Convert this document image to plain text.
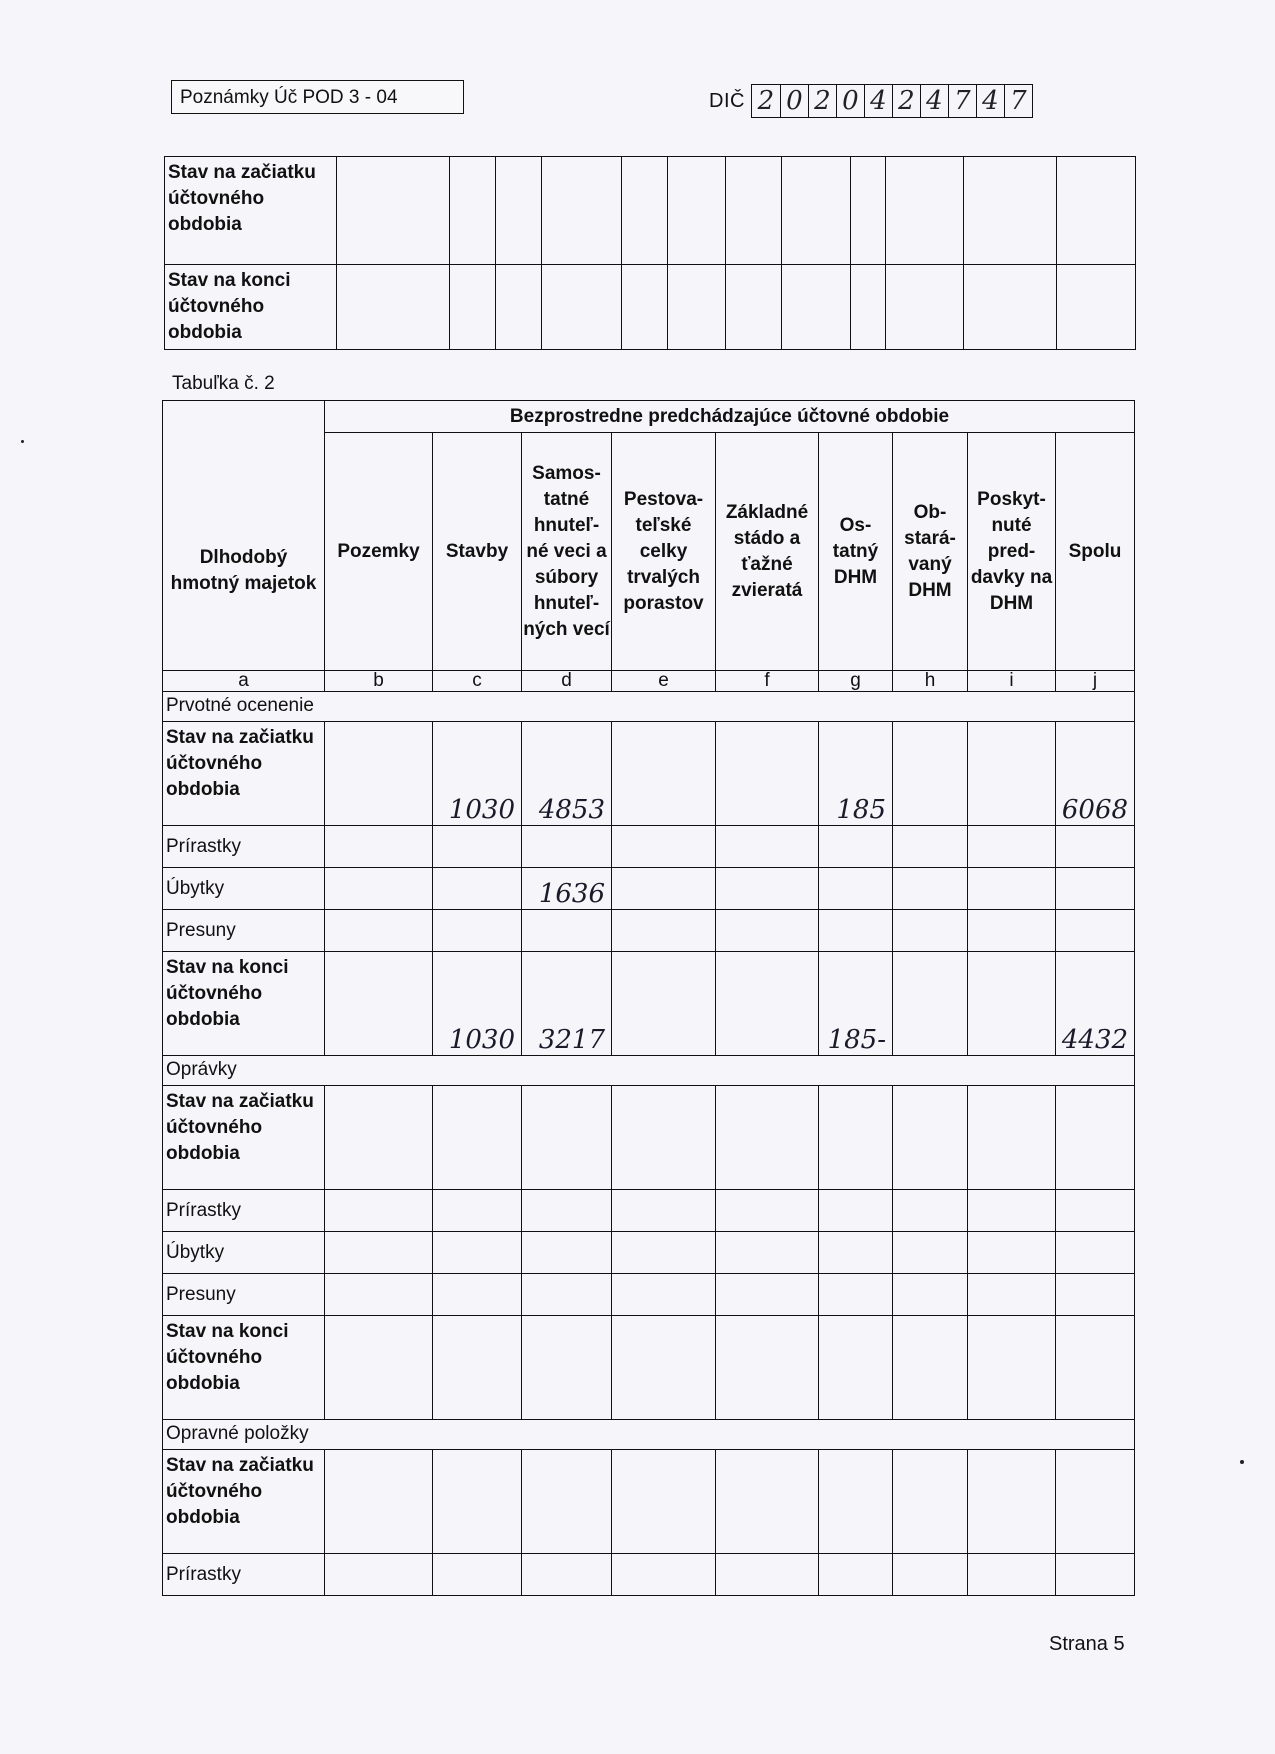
Poznámky Úč POD 3 - 04	DIČ 2 0 2 0 4 2 4 7 4 7
Stav na začiatku účtovného obdobia												
Stav na konci účtovného obdobia												
Tabuľka č. 2
Dlhodobý hmotný majetok	Bezprostredne predchádzajúce účtovné obdobie								
	Pozemky	Stavby	Samos- tatné hnuteľ- né veci a súbory hnuteľ- ných vecí	Pestova- teľské celky trvalých porastov	Základné stádo a ťažné zvieratá	Os- tatný DHM	Ob- stará- vaný DHM	Poskyt- nuté pred- davky na DHM	Spolu
a	b	c	d	e	f	g	h	i	j
Prvotné ocenenie									
Stav na začiatku účtovného obdobia		1030	4853			185			6068
Prírastky									
Úbytky			1636						
Presuny									
Stav na konci účtovného obdobia		1030	3217			185-			4432
Oprávky									
Stav na začiatku účtovného obdobia									
Prírastky									
Úbytky									
Presuny									
Stav na konci účtovného obdobia									
Opravné položky									
Stav na začiatku účtovného obdobia									
Prírastky									
Strana 5
